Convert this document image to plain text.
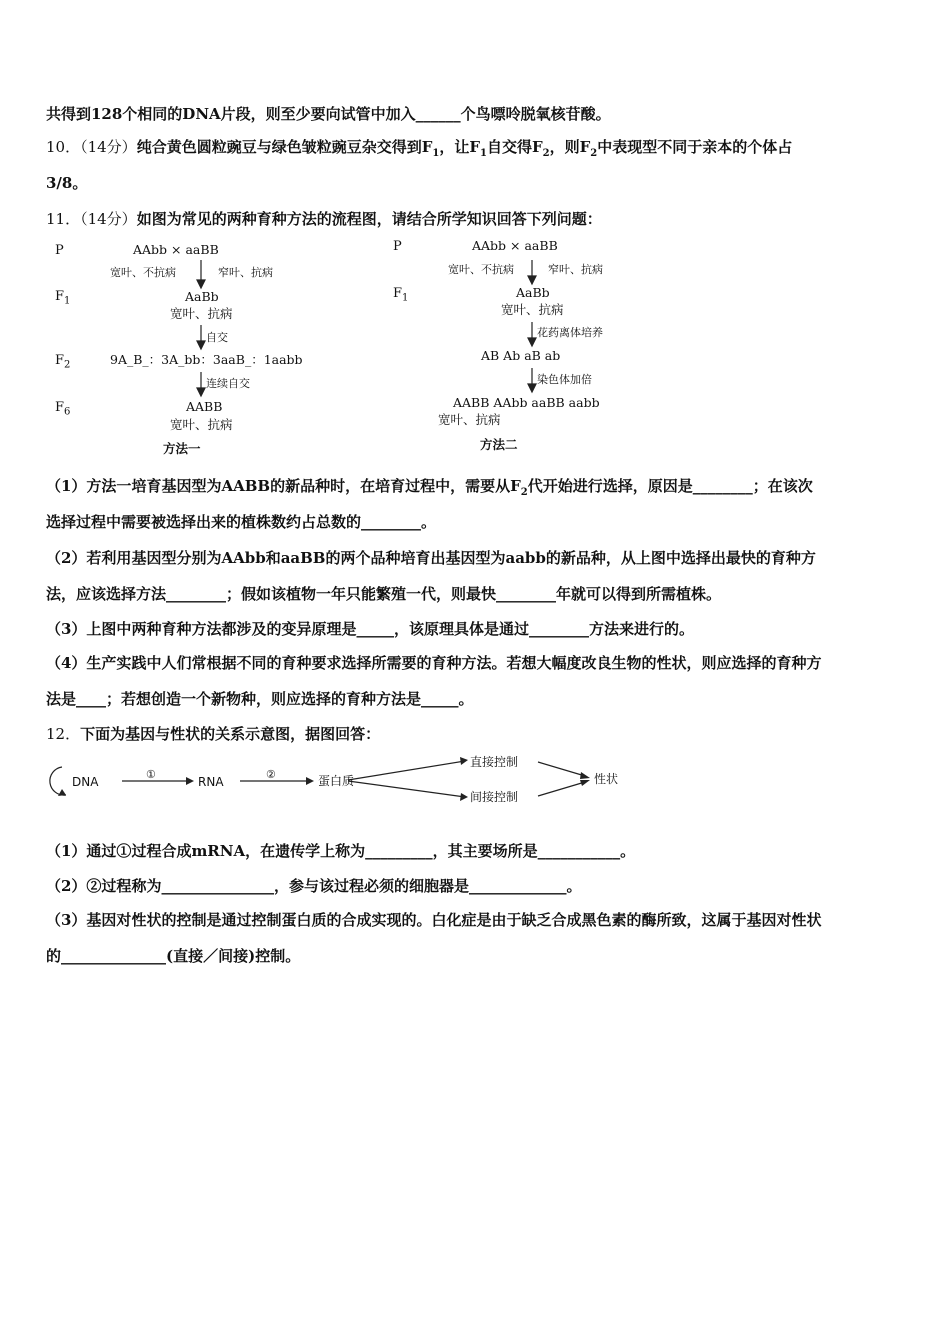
共得到128个相同的DNA片段，则至少要向试管中加入______个鸟嘌呤脱氧核苷酸。
10．（14分）纯合黄色圆粒豌豆与绿色皱粒豌豆杂交得到$F_1$，让$F_1$自交得$F_2$，则$F_2$中表现型不同于亲本的个体占
3/8。
11．（14分）如图为常见的两种育种方法的流程图，请结合所学知识回答下列问题：
P	AAbb × aaBB
宽叶、不抗病	窄叶、抗病
$F_1$	AaBb
宽叶、抗病
自交
$F_2$	9A_B_：3A_bb：3aaB_：1aabb
连续自交
$F_6$	AABB
宽叶、抗病
方法一
P	AAbb × aaBB
宽叶、不抗病	窄叶、抗病
$F_1$	AaBb
宽叶、抗病
花药离体培养
AB Ab aB ab
染色体加倍
AABB AAbb aaBB aabb
宽叶、抗病
方法二
（1）方法一培育基因型为AABB的新品种时，在培育过程中，需要从$F_2$代开始进行选择，原因是________；在该次
选择过程中需要被选择出来的植株数约占总数的________。
（2）若利用基因型分别为AAbb和aaBB的两个品种培育出基因型为aabb的新品种，从上图中选择出最快的育种方
法，应该选择方法________；假如该植物一年只能繁殖一代，则最快________年就可以得到所需植株。
（3）上图中两种育种方法都涉及的变异原理是_____，该原理具体是通过________方法来进行的。
（4）生产实践中人们常根据不同的育种要求选择所需要的育种方法。若想大幅度改良生物的性状，则应选择的育种方
法是____；若想创造一个新物种，则应选择的育种方法是_____。
12．下面为基因与性状的关系示意图，据图回答：
DNA
①
RNA
②	蛋白质
直接控制
间接控制
性状
（1）通过①过程合成mRNA，在遗传学上称为_________，其主要场所是___________。
（2）②过程称为_______________，参与该过程必须的细胞器是_____________。
（3）基因对性状的控制是通过控制蛋白质的合成实现的。白化症是由于缺乏合成黑色素的酶所致，这属于基因对性状
的______________(直接／间接)控制。
